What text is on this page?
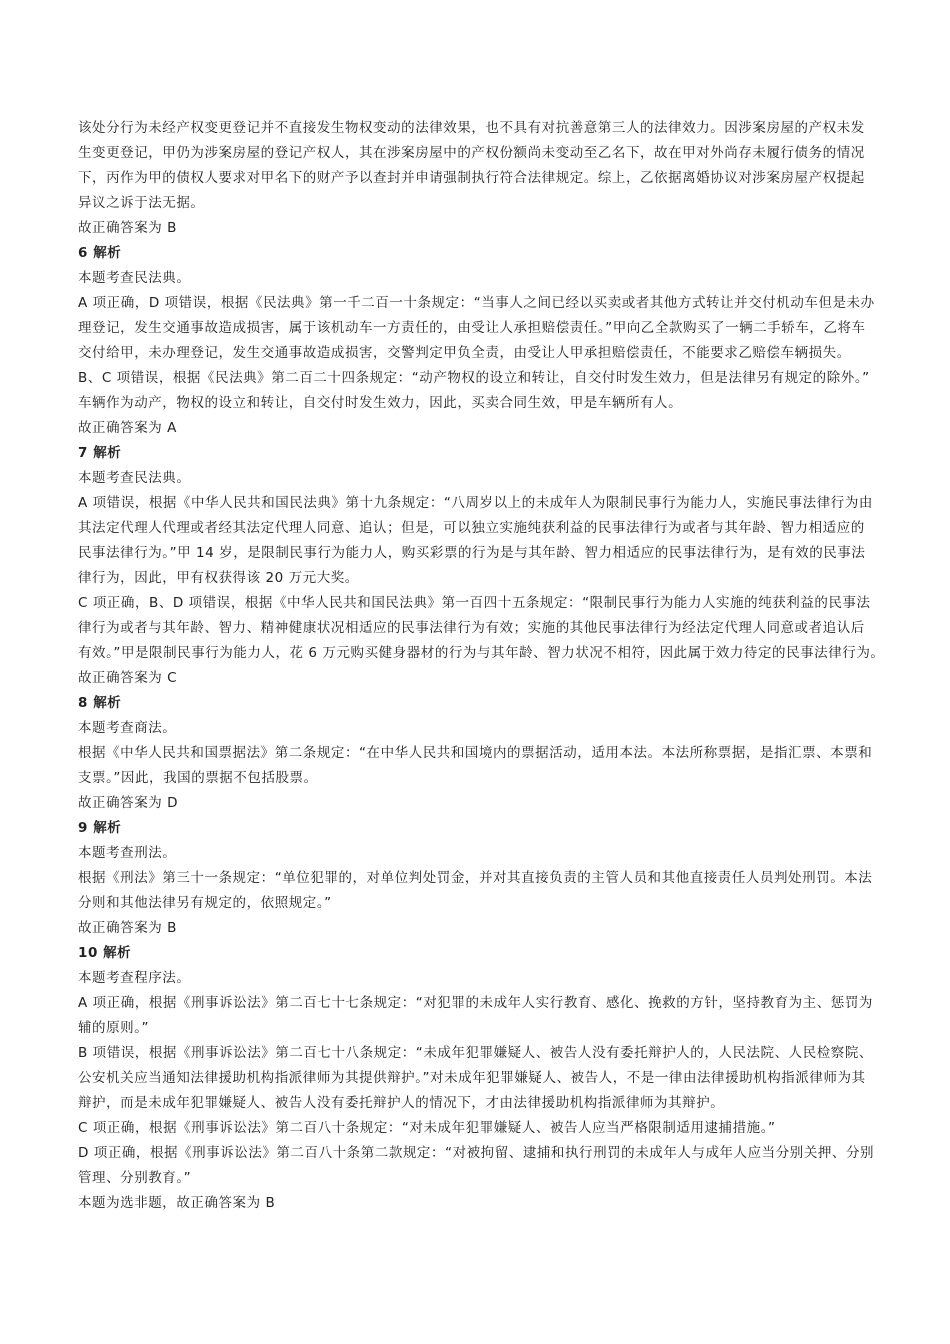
该处分行为未经产权变更登记并不直接发生物权变动的法律效果，也不具有对抗善意第三人的法律效力。因涉案房屋的产权未发

生变更登记，甲仍为涉案房屋的登记产权人，其在涉案房屋中的产权份额尚未变动至乙名下，故在甲对外尚存未履行债务的情况

下，丙作为甲的债权人要求对甲名下的财产予以查封并申请强制执行符合法律规定。综上，乙依据离婚协议对涉案房屋产权提起

异议之诉于法无据。

故正确答案为 B

6 解析

本题考查民法典。

A 项正确，D 项错误，根据《民法典》第一千二百一十条规定：“当事人之间已经以买卖或者其他方式转让并交付机动车但是未办

理登记，发生交通事故造成损害，属于该机动车一方责任的，由受让人承担赔偿责任。”甲向乙全款购买了一辆二手轿车，乙将车

交付给甲，未办理登记，发生交通事故造成损害，交警判定甲负全责，由受让人甲承担赔偿责任，不能要求乙赔偿车辆损失。

B、C 项错误，根据《民法典》第二百二十四条规定：“动产物权的设立和转让，自交付时发生效力，但是法律另有规定的除外。”

车辆作为动产，物权的设立和转让，自交付时发生效力，因此，买卖合同生效，甲是车辆所有人。

故正确答案为 A

7 解析

本题考查民法典。

A 项错误，根据《中华人民共和国民法典》第十九条规定：“八周岁以上的未成年人为限制民事行为能力人，实施民事法律行为由

其法定代理人代理或者经其法定代理人同意、追认；但是，可以独立实施纯获利益的民事法律行为或者与其年龄、智力相适应的

民事法律行为。”甲 14 岁，是限制民事行为能力人，购买彩票的行为是与其年龄、智力相适应的民事法律行为，是有效的民事法

律行为，因此，甲有权获得该 20 万元大奖。

C 项正确，B、D 项错误，根据《中华人民共和国民法典》第一百四十五条规定：“限制民事行为能力人实施的纯获利益的民事法

律行为或者与其年龄、智力、精神健康状况相适应的民事法律行为有效；实施的其他民事法律行为经法定代理人同意或者追认后

有效。”甲是限制民事行为能力人，花 6 万元购买健身器材的行为与其年龄、智力状况不相符，因此属于效力待定的民事法律行为。

故正确答案为 C

8 解析

本题考查商法。

根据《中华人民共和国票据法》第二条规定：“在中华人民共和国境内的票据活动，适用本法。本法所称票据，是指汇票、本票和

支票。”因此，我国的票据不包括股票。

故正确答案为 D

9 解析

本题考查刑法。

根据《刑法》第三十一条规定：“单位犯罪的，对单位判处罚金，并对其直接负责的主管人员和其他直接责任人员判处刑罚。本法

分则和其他法律另有规定的，依照规定。”

故正确答案为 B

10 解析

本题考查程序法。

A 项正确，根据《刑事诉讼法》第二百七十七条规定：“对犯罪的未成年人实行教育、感化、挽救的方针，坚持教育为主、惩罚为

辅的原则。”

B 项错误，根据《刑事诉讼法》第二百七十八条规定：“未成年犯罪嫌疑人、被告人没有委托辩护人的，人民法院、人民检察院、

公安机关应当通知法律援助机构指派律师为其提供辩护。”对未成年犯罪嫌疑人、被告人，不是一律由法律援助机构指派律师为其

辩护，而是未成年犯罪嫌疑人、被告人没有委托辩护人的情况下，才由法律援助机构指派律师为其辩护。

C 项正确，根据《刑事诉讼法》第二百八十条规定：“对未成年犯罪嫌疑人、被告人应当严格限制适用逮捕措施。”

D 项正确，根据《刑事诉讼法》第二百八十条第二款规定：“对被拘留、逮捕和执行刑罚的未成年人与成年人应当分别关押、分别

管理、分别教育。”

本题为选非题，故正确答案为 B
